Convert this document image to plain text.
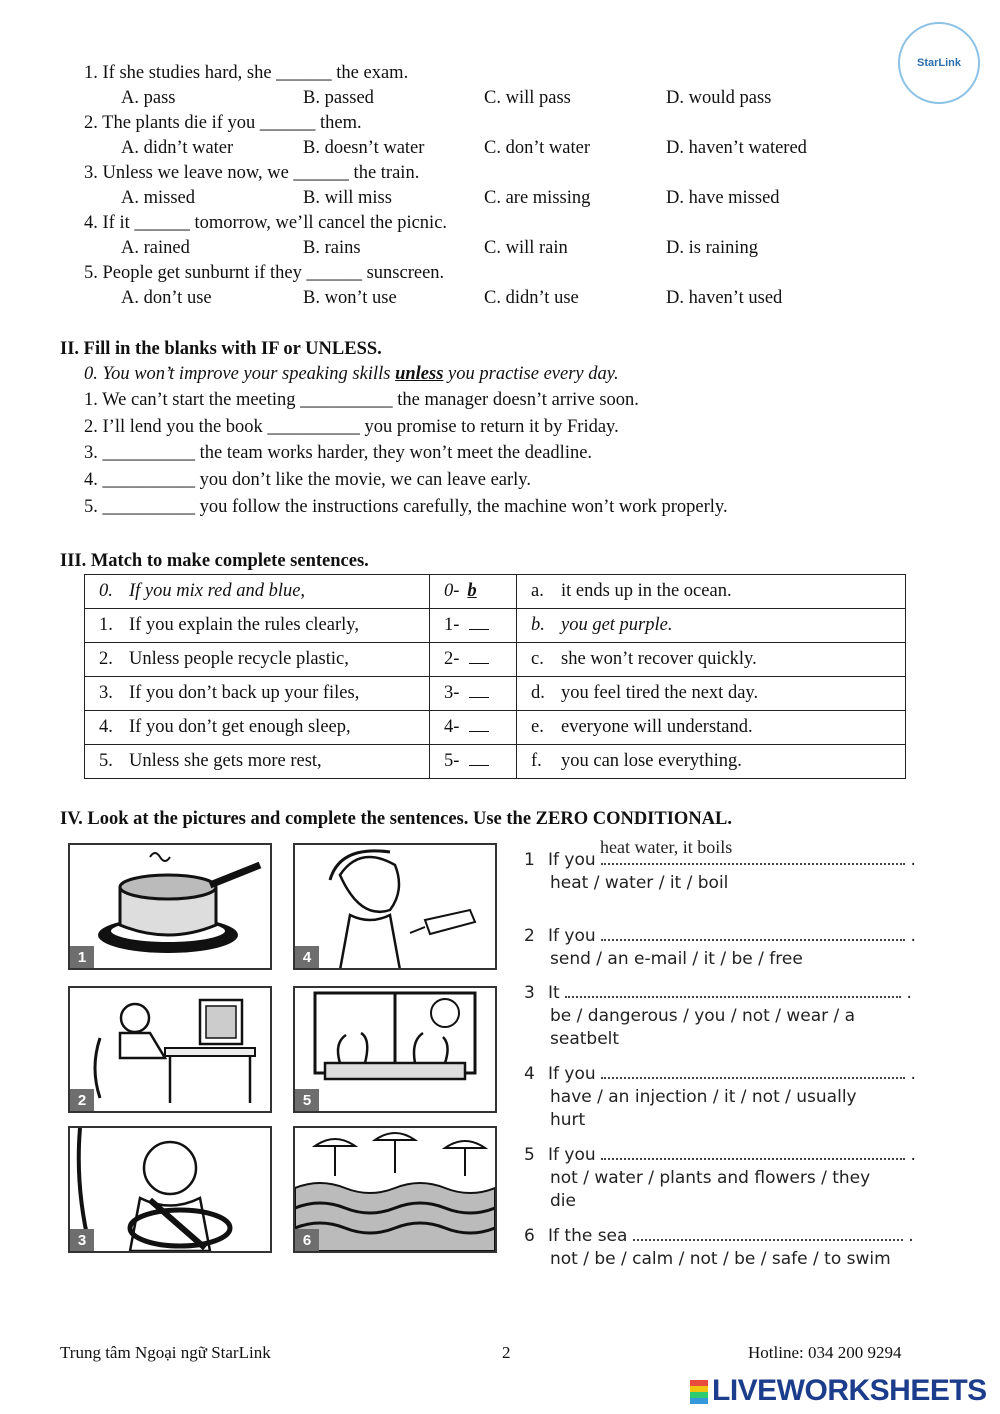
StarLink
1. If she studies hard, she ______ the exam.
A. pass	B. passed	C. will pass	D. would pass
2. The plants die if you ______ them.
A. didn’t water	B. doesn’t water	C. don’t water	D. haven’t watered
3. Unless we leave now, we ______ the train.
A. missed	B. will miss	C. are missing	D. have missed
4. If it ______ tomorrow, we’ll cancel the picnic.
A. rained	B. rains	C. will rain	D. is raining
5. People get sunburnt if they ______ sunscreen.
A. don’t use	B. won’t use	C. didn’t use	D. haven’t used
II. Fill in the blanks with IF or UNLESS.
0. You won’t improve your speaking skills unless you practise every day.
1. We can’t start the meeting __________ the manager doesn’t arrive soon.
2. I’ll lend you the book __________ you promise to return it by Friday.
3. __________ the team works harder, they won’t meet the deadline.
4. __________ you don’t like the movie, we can leave early.
5. __________ you follow the instructions carefully, the machine won’t work properly.
III. Match to make complete sentences.
0. If you mix red and blue,	0- b	a. it ends up in the ocean.
1. If you explain the rules clearly,	1-	b. you get purple.
2. Unless people recycle plastic,	2-	c. she won’t recover quickly.
3. If you don’t back up your files,	3-	d. you feel tired the next day.
4. If you don’t get enough sleep,	4-	e. everyone will understand.
5. Unless she gets more rest,	5-	f. you can lose everything.
IV. Look at the pictures and complete the sentences. Use the ZERO CONDITIONAL.
1	4
2	5
3	6
heat water, it boils
1 If you	.
heat / water / it / boil
2 If you	.
send / an e-mail / it / be / free
3 It	.
be / dangerous / you / not / wear / a
seatbelt
4 If you	.
have / an injection / it / not / usually
hurt
5 If you	.
not / water / plants and flowers / they
die
6 If the sea	.
not / be / calm / not / be / safe / to swim
Trung tâm Ngoại ngữ StarLink	2	Hotline: 034 200 9294
LIVEWORKSHEETS
